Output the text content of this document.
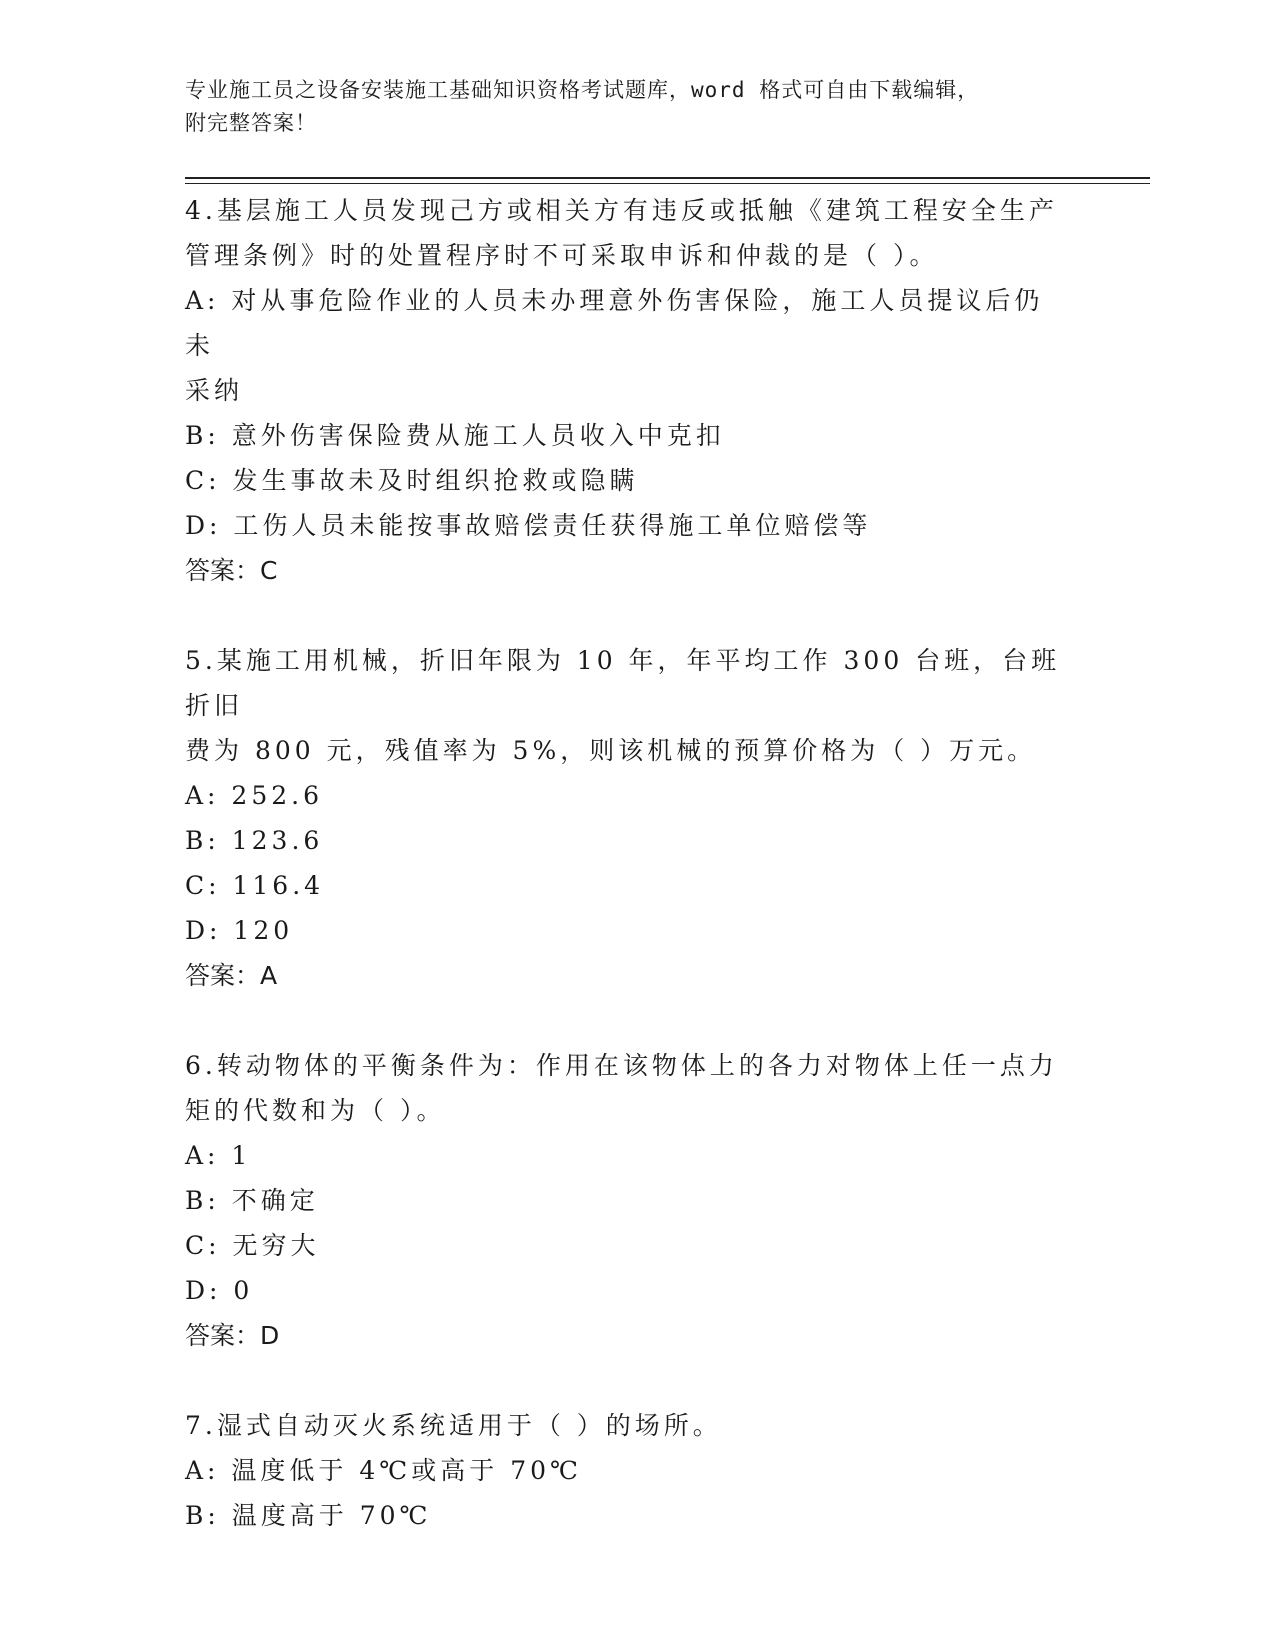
专业施工员之设备安装施工基础知识资格考试题库，word 格式可自由下载编辑，
附完整答案！
4.基层施工人员发现己方或相关方有违反或抵触《建筑工程安全生产
管理条例》时的处置程序时不可采取申诉和仲裁的是（ ）。
A: 对从事危险作业的人员未办理意外伤害保险，施工人员提议后仍未
采纳
B: 意外伤害保险费从施工人员收入中克扣
C: 发生事故未及时组织抢救或隐瞒
D: 工伤人员未能按事故赔偿责任获得施工单位赔偿等
答案：C
5.某施工用机械，折旧年限为 10 年，年平均工作 300 台班，台班折旧
费为 800 元，残值率为 5%，则该机械的预算价格为（ ）万元。
A: 252.6
B: 123.6
C: 116.4
D: 120
答案：A
6.转动物体的平衡条件为：作用在该物体上的各力对物体上任一点力
矩的代数和为（ ）。
A: 1
B: 不确定
C: 无穷大
D: 0
答案：D
7.湿式自动灭火系统适用于（ ）的场所。
A: 温度低于 4℃或高于 70℃
B: 温度高于 70℃
